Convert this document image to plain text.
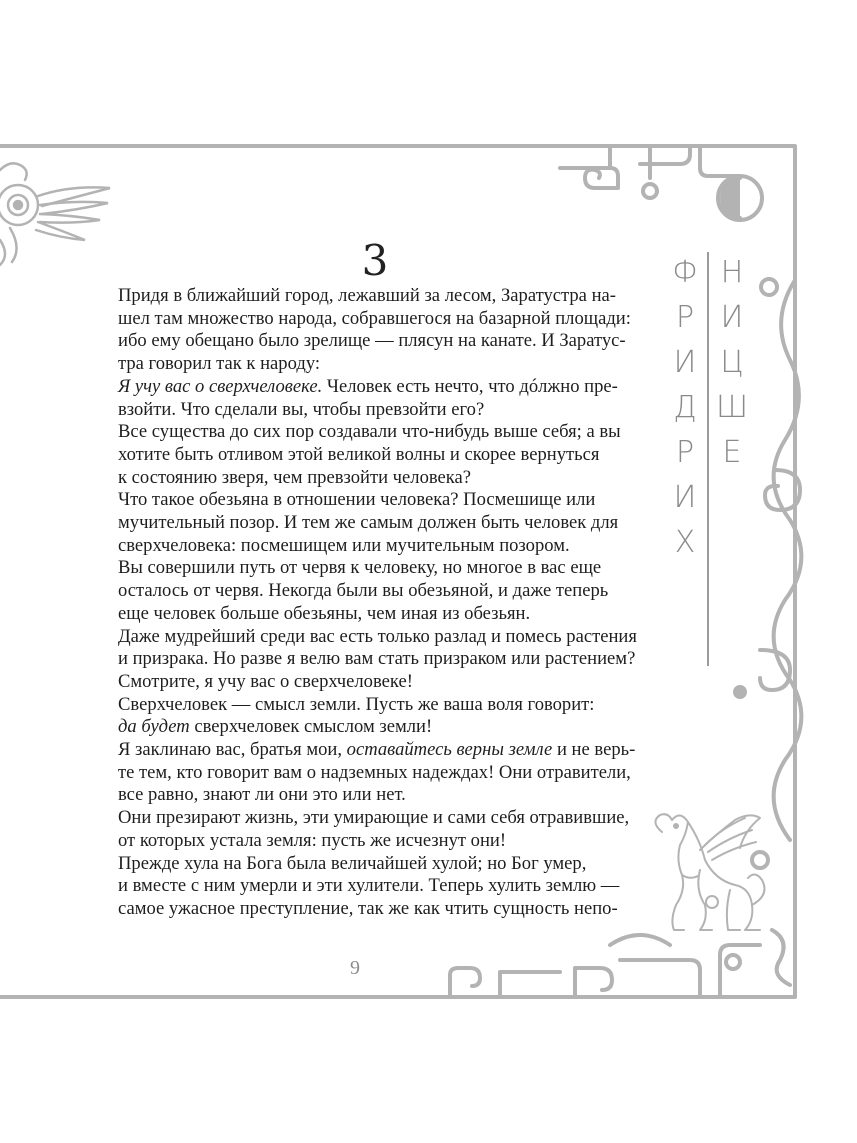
3

Придя в ближайший город, лежавший за лесом, Заратустра на-

шел там множество народа, собравшегося на базарной площади:

ибо ему обещано было зрелище — плясун на канате. И Заратус-

тра говорил так к народу:

Я учу вас о сверхчеловеке. Человек есть нечто, что дóлжно пре-

взойти. Что сделали вы, чтобы превзойти его?

Все существа до сих пор создавали что-нибудь выше себя; а вы

хотите быть отливом этой великой волны и скорее вернуться

к состоянию зверя, чем превзойти человека?

Что такое обезьяна в отношении человека? Посмешище или

мучительный позор. И тем же самым должен быть человек для

сверхчеловека: посмешищем или мучительным позором.

Вы совершили путь от червя к человеку, но многое в вас еще

осталось от червя. Некогда были вы обезьяной, и даже теперь

еще человек больше обезьяны, чем иная из обезьян.

Даже мудрейший среди вас есть только разлад и помесь растения

и призрака. Но разве я велю вам стать призраком или растением?

Смотрите, я учу вас о сверхчеловеке!

Сверхчеловек — смысл земли. Пусть же ваша воля говорит:

да будет сверхчеловек смыслом земли!

Я заклинаю вас, братья мои, оставайтесь верны земле и не верь-

те тем, кто говорит вам о надземных надеждах! Они отравители,

все равно, знают ли они это или нет.

Они презирают жизнь, эти умирающие и сами себя отравившие,

от которых устала земля: пусть же исчезнут они!

Прежде хула на Бога была величайшей хулой; но Бог умер,

и вместе с ним умерли и эти хулители. Теперь хулить землю —

самое ужасное преступление, так же как чтить сущность непо-

Ф
Р
И
Д
Р
И
Х
Н
И
Ц
Ш
Е
9
